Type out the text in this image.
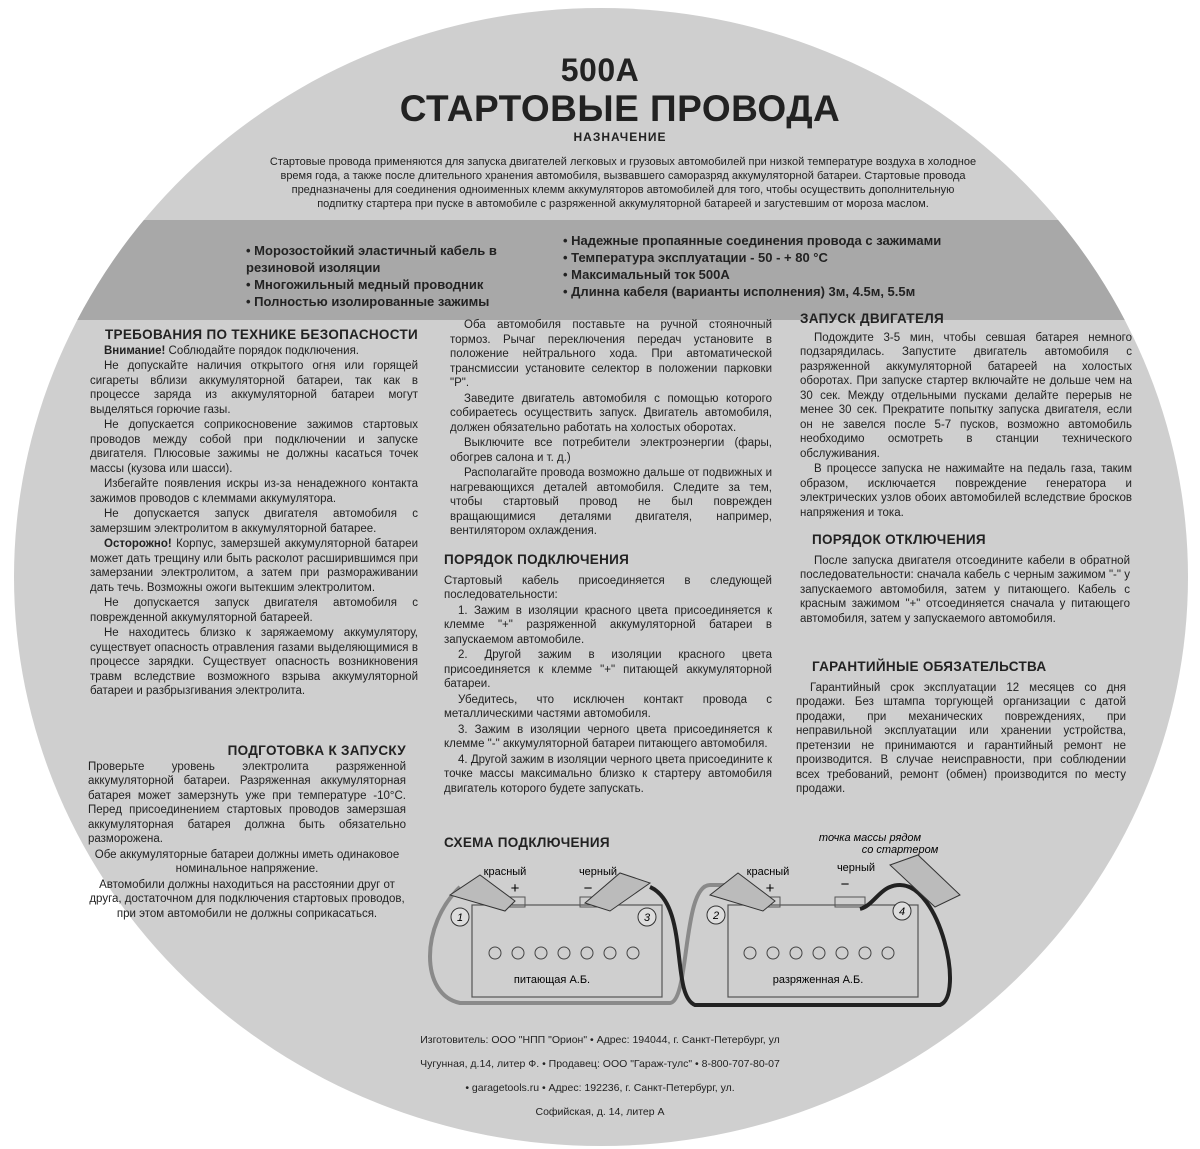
500A
СТАРТОВЫЕ ПРОВОДА
НАЗНАЧЕНИЕ
Стартовые провода применяются для запуска двигателей легковых и грузовых автомобилей при низкой температуре воздуха в холодное время года, а также после длительного хранения автомобиля, вызвавшего саморазряд аккумуляторной батареи. Стартовые провода предназначены для соединения одноименных клемм аккумуляторов автомобилей для того, чтобы осуществить дополнительную подпитку стартера при пуске в автомобиле с разряженной аккумуляторной батареей и загустевшим от мороза маслом.
• Морозостойкий эластичный кабель в резиновой изоляции
• Многожильный медный проводник
• Полностью изолированные зажимы
• Надежные пропаянные соединения провода с зажимами
• Температура эксплуатации - 50 - + 80 °C
• Максимальный ток 500А
• Длинна кабеля (варианты исполнения) 3м, 4.5м, 5.5м

ТРЕБОВАНИЯ ПО ТЕХНИКЕ БЕЗОПАСНОСТИ

Внимание! Соблюдайте порядок подключения.

Не допускайте наличия открытого огня или горящей сигареты вблизи аккумуляторной батареи, так как в процессе заряда из аккумуляторной батареи могут выделяться горючие газы.

Не допускается соприкосновение зажимов стартовых проводов между собой при подключении и запуске двигателя. Плюсовые зажимы не должны касаться точек массы (кузова или шасси).

Избегайте появления искры из-за ненадежного контакта зажимов проводов с клеммами аккумулятора.

Не допускается запуск двигателя автомобиля с замерзшим электролитом в аккумуляторной батарее.

Осторожно! Корпус, замерзшей аккумуляторной батареи может дать трещину или быть расколот расширившимся при замерзании электролитом, а затем при размораживании дать течь. Возможны ожоги вытекшим электролитом.

Не допускается запуск двигателя автомобиля с поврежденной аккумуляторной батареей.

Не находитесь близко к заряжаемому аккумулятору, существует опасность отравления газами выделяющимися в процессе зарядки. Существует опасность возникновения травм вследствие возможного взрыва аккумуляторной батареи и разбрызгивания электролита.

ПОДГОТОВКА К ЗАПУСКУ

Проверьте уровень электролита разряженной аккумуляторной батареи. Разряженная аккумуляторная батарея может замерзнуть уже при температуре -10°С. Перед присоединением стартовых проводов замерзшая аккумуляторная батарея должна быть обязательно разморожена.

Обе аккумуляторные батареи должны иметь одинаковое номинальное напряжение.

Автомобили должны находиться на расстоянии друг от друга, достаточном для подключения стартовых проводов, при этом автомобили не должны соприкасаться.

Оба автомобиля поставьте на ручной стояночный тормоз. Рычаг переключения передач установите в положение нейтрального хода. При автоматической трансмиссии установите селектор в положении парковки "Р".

Заведите двигатель автомобиля с помощью которого собираетесь осуществить запуск. Двигатель автомобиля, должен обязательно работать на холостых оборотах.

Выключите все потребители электроэнергии (фары, обогрев салона и т. д.)

Располагайте провода возможно дальше от подвижных и нагревающихся деталей автомобиля. Следите за тем, чтобы стартовый провод не был поврежден вращающимися деталями двигателя, например, вентилятором охлаждения.

ПОРЯДОК ПОДКЛЮЧЕНИЯ

Стартовый кабель присоединяется в следующей последовательности:

1. Зажим в изоляции красного цвета присоединяется к клемме "+" разряженной аккумуляторной батареи в запускаемом автомобиле.

2. Другой зажим в изоляции красного цвета присоединяется к клемме "+" питающей аккумуляторной батареи.

Убедитесь, что исключен контакт провода с металлическими частями автомобиля.

3. Зажим в изоляции черного цвета присоединяется к клемме "-" аккумуляторной батареи питающего автомобиля.

4. Другой зажим в изоляции черного цвета присоедините к точке массы максимально близко к стартеру автомобиля двигатель которого будете запускать.

ЗАПУСК ДВИГАТЕЛЯ

Подождите 3-5 мин, чтобы севшая батарея немного подзарядилась. Запустите двигатель автомобиля с разряженной аккумуляторной батареей на холостых оборотах. При запуске стартер включайте не дольше чем на 30 сек. Между отдельными пусками делайте перерыв не менее 30 сек. Прекратите попытку запуска двигателя, если он не завелся после 5-7 пусков, возможно автомобиль необходимо осмотреть в станции технического обслуживания.

В процессе запуска не нажимайте на педаль газа, таким образом, исключается повреждение генератора и электрических узлов обоих автомобилей вследствие бросков напряжения и тока.

ПОРЯДОК ОТКЛЮЧЕНИЯ

После запуска двигателя отсоедините кабели в обратной последовательности: сначала кабель с черным зажимом "-" у запускаемого автомобиля, затем у питающего. Кабель с красным зажимом "+" отсоединяется сначала у питающего автомобиля, затем у запускаемого автомобиля.

ГАРАНТИЙНЫЕ ОБЯЗАТЕЛЬСТВА

Гарантийный срок эксплуатации 12 месяцев со дня продажи. Без штампа торгующей организации с датой продажи, при механических повреждениях, при неправильной эксплуатации или хранении устройства, претензии не принимаются и гарантийный ремонт не производится. В случае неисправности, при соблюдении всех требований, ремонт (обмен) производится по месту продажи.

СХЕМА ПОДКЛЮЧЕНИЯ	точка массы рядом
со стартером
красный	черный	красный	черный
+	−	+	−
питающая А.Б.	разряженная А.Б.
1	3	2	4
Изготовитель: ООО "НПП "Орион" • Адрес: 194044, г. Санкт-Петербург, ул
Чугунная, д.14, литер Ф. • Продавец: ООО "Гараж-тулс" • 8-800-707-80-07
• garagetools.ru • Адрес: 192236, г. Санкт-Петербург, ул.
Софийская, д. 14, литер А
